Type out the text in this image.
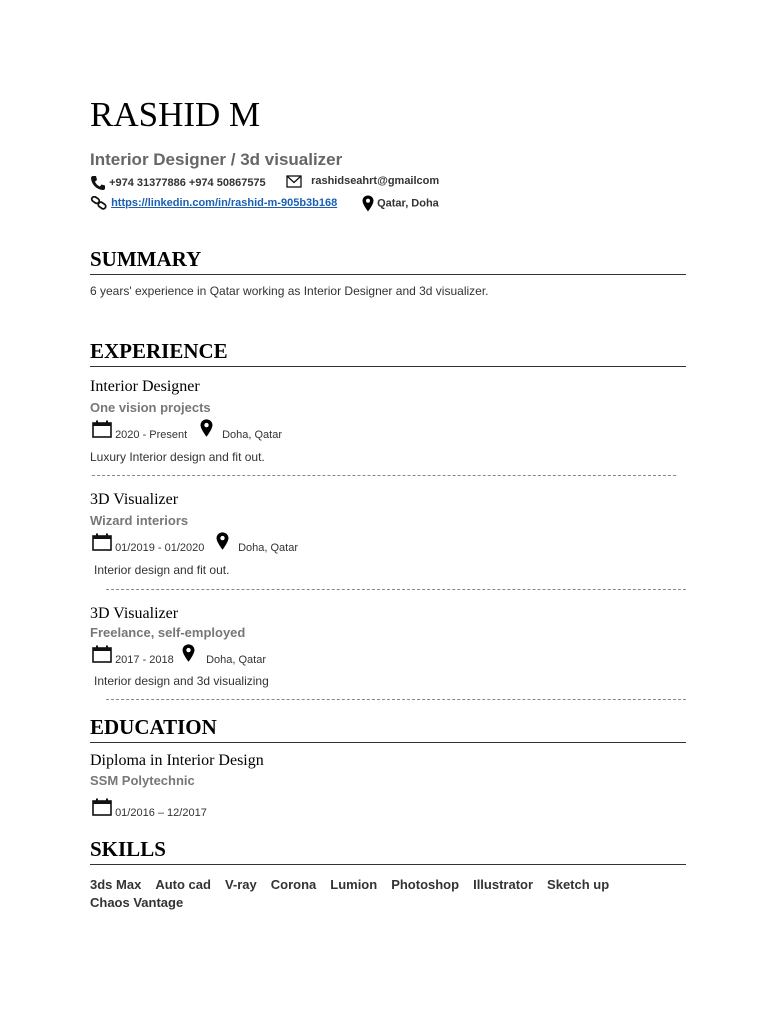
RASHID M
Interior Designer / 3d visualizer
+974 31377886 +974 50867575	rashidseahrt@gmailcom
https://linkedin.com/in/rashid-m-905b3b168	Qatar, Doha
SUMMARY
6 years' experience in Qatar working as Interior Designer and 3d visualizer.
EXPERIENCE
Interior Designer
One vision projects
2020 - Present	Doha, Qatar
Luxury Interior design and fit out.
3D Visualizer
Wizard interiors
01/2019 - 01/2020	Doha, Qatar
Interior design and fit out.
3D Visualizer
Freelance, self-employed
2017 - 2018	Doha, Qatar
Interior design and 3d visualizing
EDUCATION
Diploma in Interior Design
SSM Polytechnic
01/2016 – 12/2017
SKILLS
3ds Max Auto cad V-ray Corona Lumion Photoshop Illustrator Sketch up
Chaos Vantage
